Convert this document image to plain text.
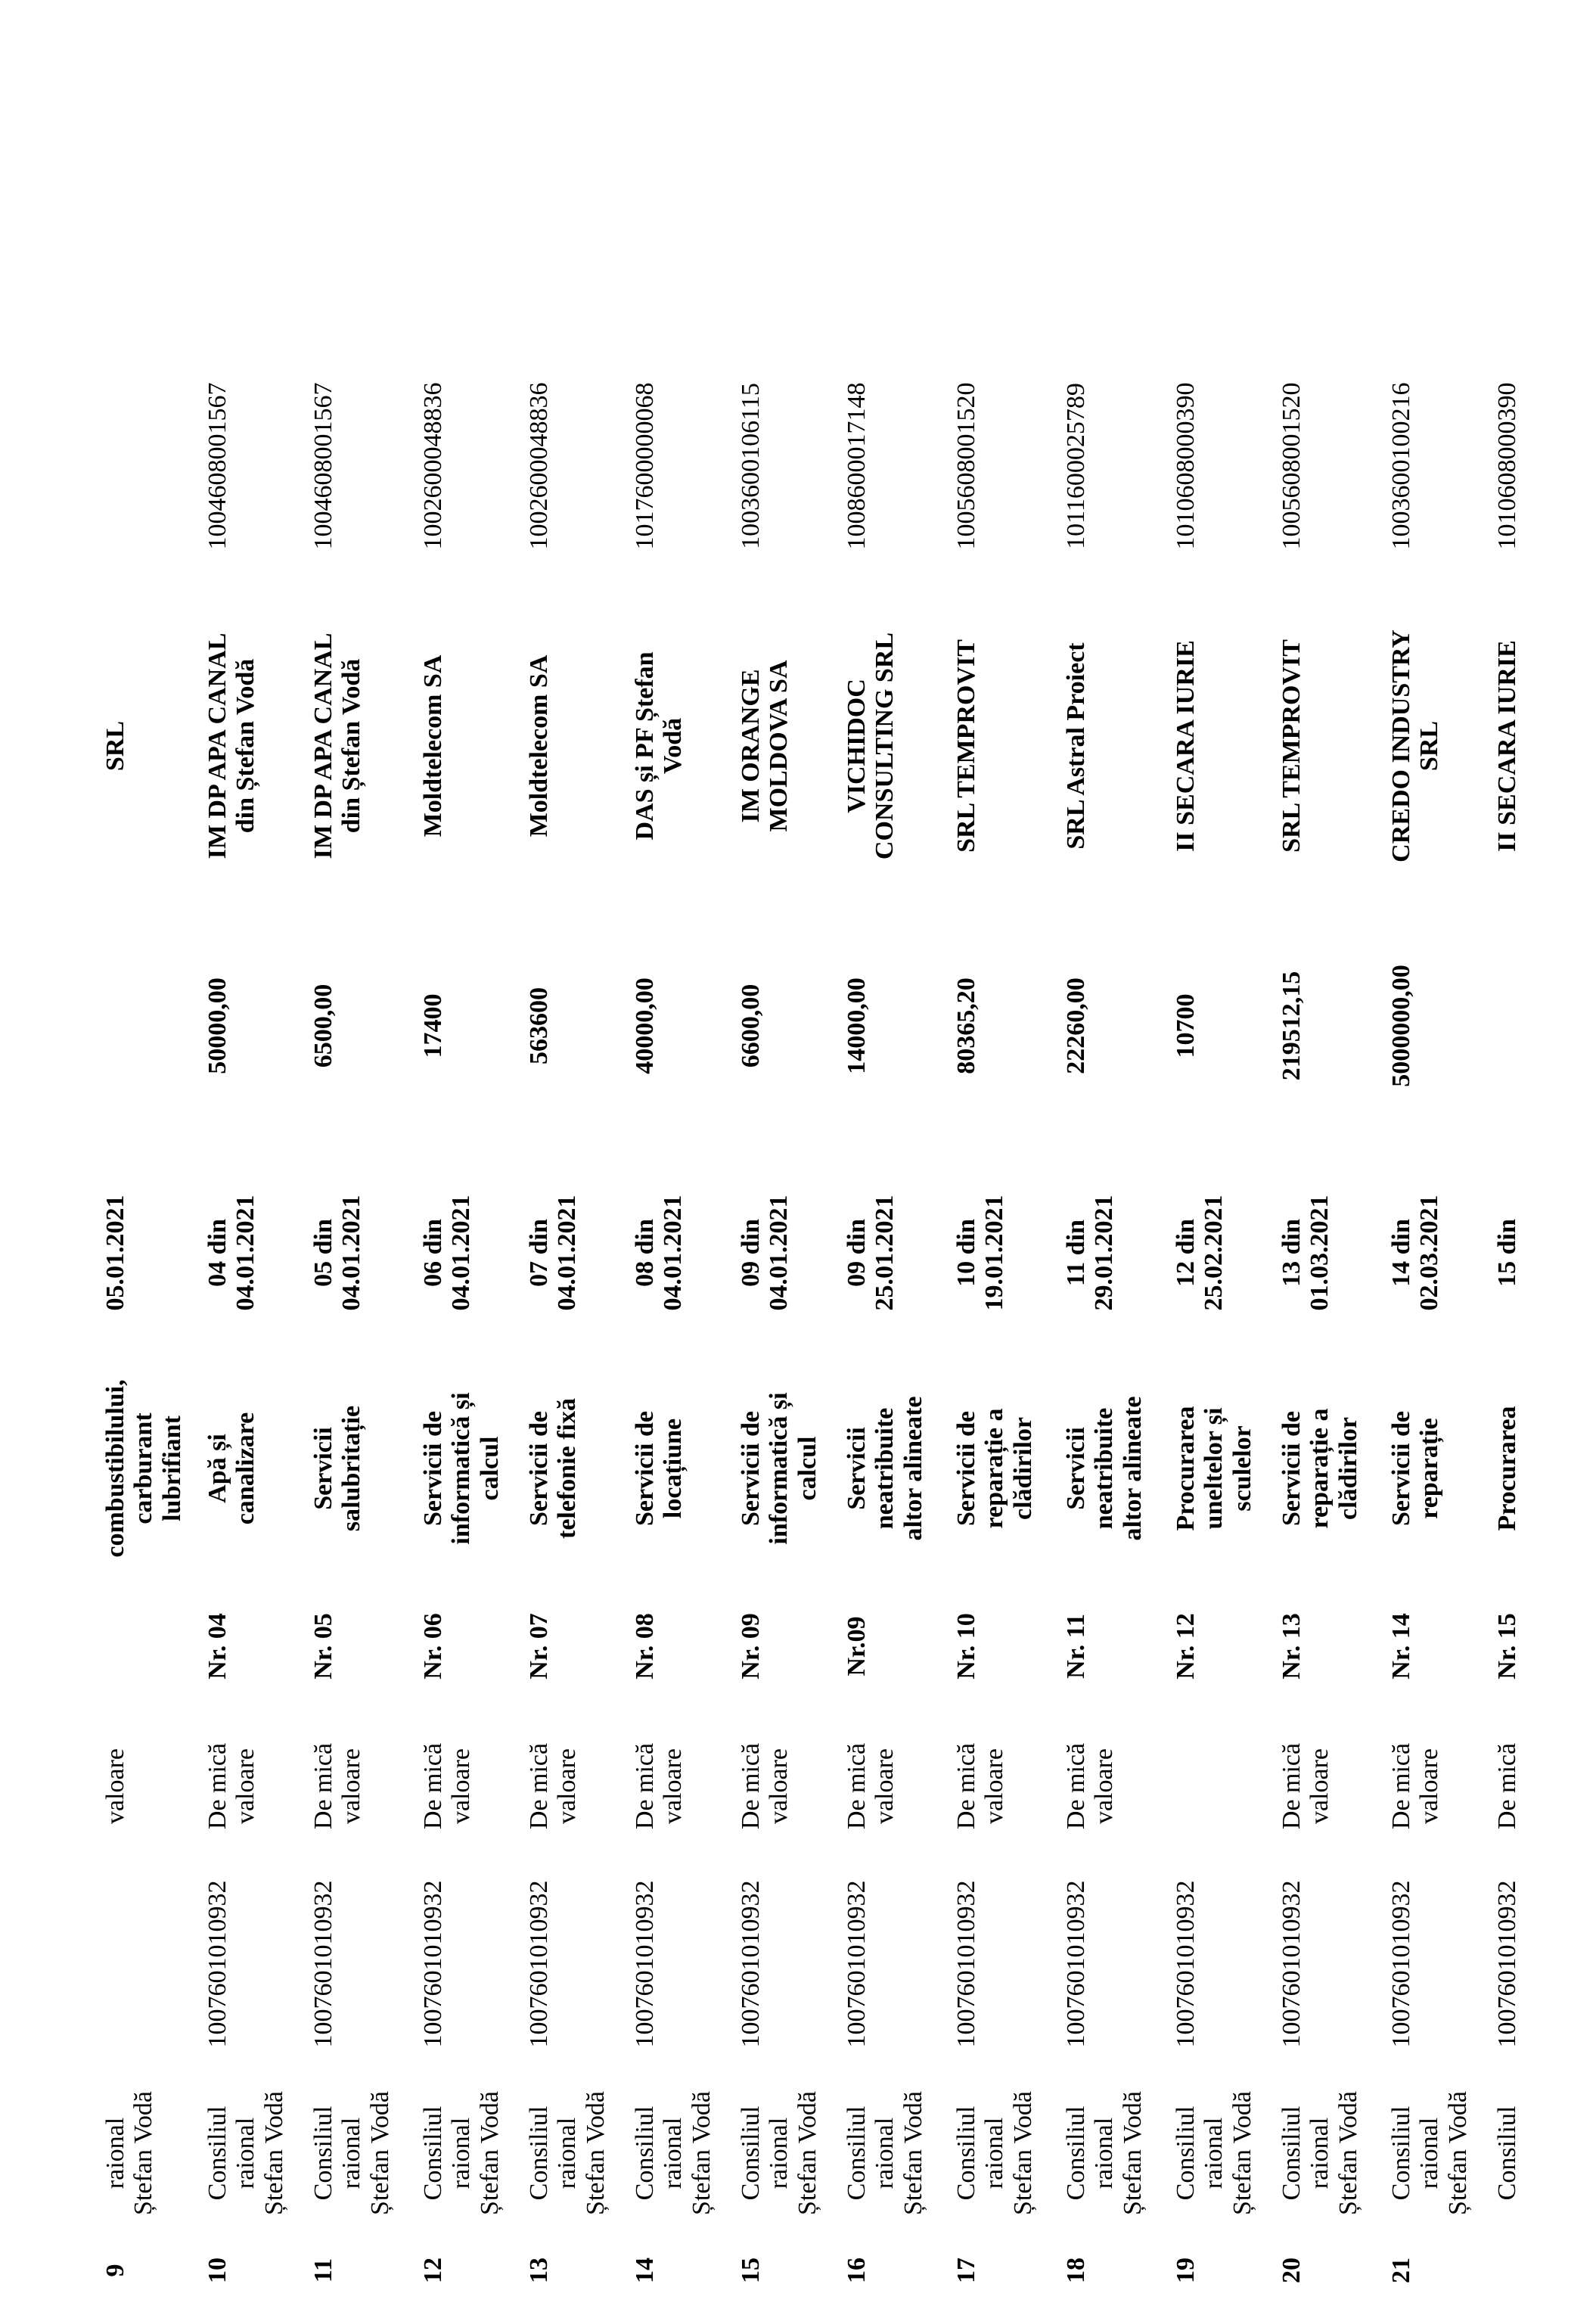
9	raional
Ștefan Vodă		valoare		combustibilului,
carburant
lubrifiant	05.01.2021		SRL	
10	Consiliul
raional
Ștefan Vodă	1007601010932	De mică
valoare	Nr. 04	Apă și
canalizare	04 din
04.01.2021	50000,00	IM DP APA CANAL
din Ștefan Vodă	1004608001567
11	Consiliul
raional
Ștefan Vodă	1007601010932	De mică
valoare	Nr. 05	Servicii
salubritație	05 din
04.01.2021	6500,00	IM DP APA CANAL
din Ștefan Vodă	1004608001567
12	Consiliul
raional
Ștefan Vodă	1007601010932	De mică
valoare	Nr. 06	Servicii de
informatică și
calcul	06 din
04.01.2021	17400	Moldtelecom SA	1002600048836
13	Consiliul
raional
Ștefan Vodă	1007601010932	De mică
valoare	Nr. 07	Servicii de
telefonie fixă	07 din
04.01.2021	563600	Moldtelecom SA	1002600048836
14	Consiliul
raional
Ștefan Vodă	1007601010932	De mică
valoare	Nr. 08	Servicii de
locațiune	08 din
04.01.2021	40000,00	DAS și PF Ștefan
Vodă	1017600000068
15	Consiliul
raional
Ștefan Vodă	1007601010932	De mică
valoare	Nr. 09	Servicii de
informatică și
calcul	09 din
04.01.2021	6600,00	IM ORANGE
MOLDOVA SA	1003600106115
16	Consiliul
raional
Ștefan Vodă	1007601010932	De mică
valoare	Nr.09	Servicii
neatribuite
altor alineate	09 din
25.01.2021	14000,00	VICHIDOC
CONSULTING SRL	1008600017148
17	Consiliul
raional
Ștefan Vodă	1007601010932	De mică
valoare	Nr. 10	Servicii de
reparație a
clădirilor	10 din
19.01.2021	80365,20	SRL TEMPROVIT	1005608001520
18	Consiliul
raional
Ștefan Vodă	1007601010932	De mică
valoare	Nr. 11	Servicii
neatribuite
altor alineate	11 din
29.01.2021	22260,00	SRL Astral Proiect	1011600025789
19	Consiliul
raional
Ștefan Vodă	1007601010932		Nr. 12	Procurarea
uneltelor și
sculelor	12 din
25.02.2021	10700	II SECARA IURIE	1010608000390
20	Consiliul
raional
Ștefan Vodă	1007601010932	De mică
valoare	Nr. 13	Servicii de
reparație a
clădirilor	13 din
01.03.2021	219512,15	SRL TEMPROVIT	1005608001520
21	Consiliul
raional
Ștefan Vodă	1007601010932	De mică
valoare	Nr. 14	Servicii de
reparație	14 din
02.03.2021	5000000,00	CREDO INDUSTRY
SRL	1003600100216
	Consiliul	1007601010932	De mică	Nr. 15	Procurarea	15 din		II SECARA IURIE	1010608000390
